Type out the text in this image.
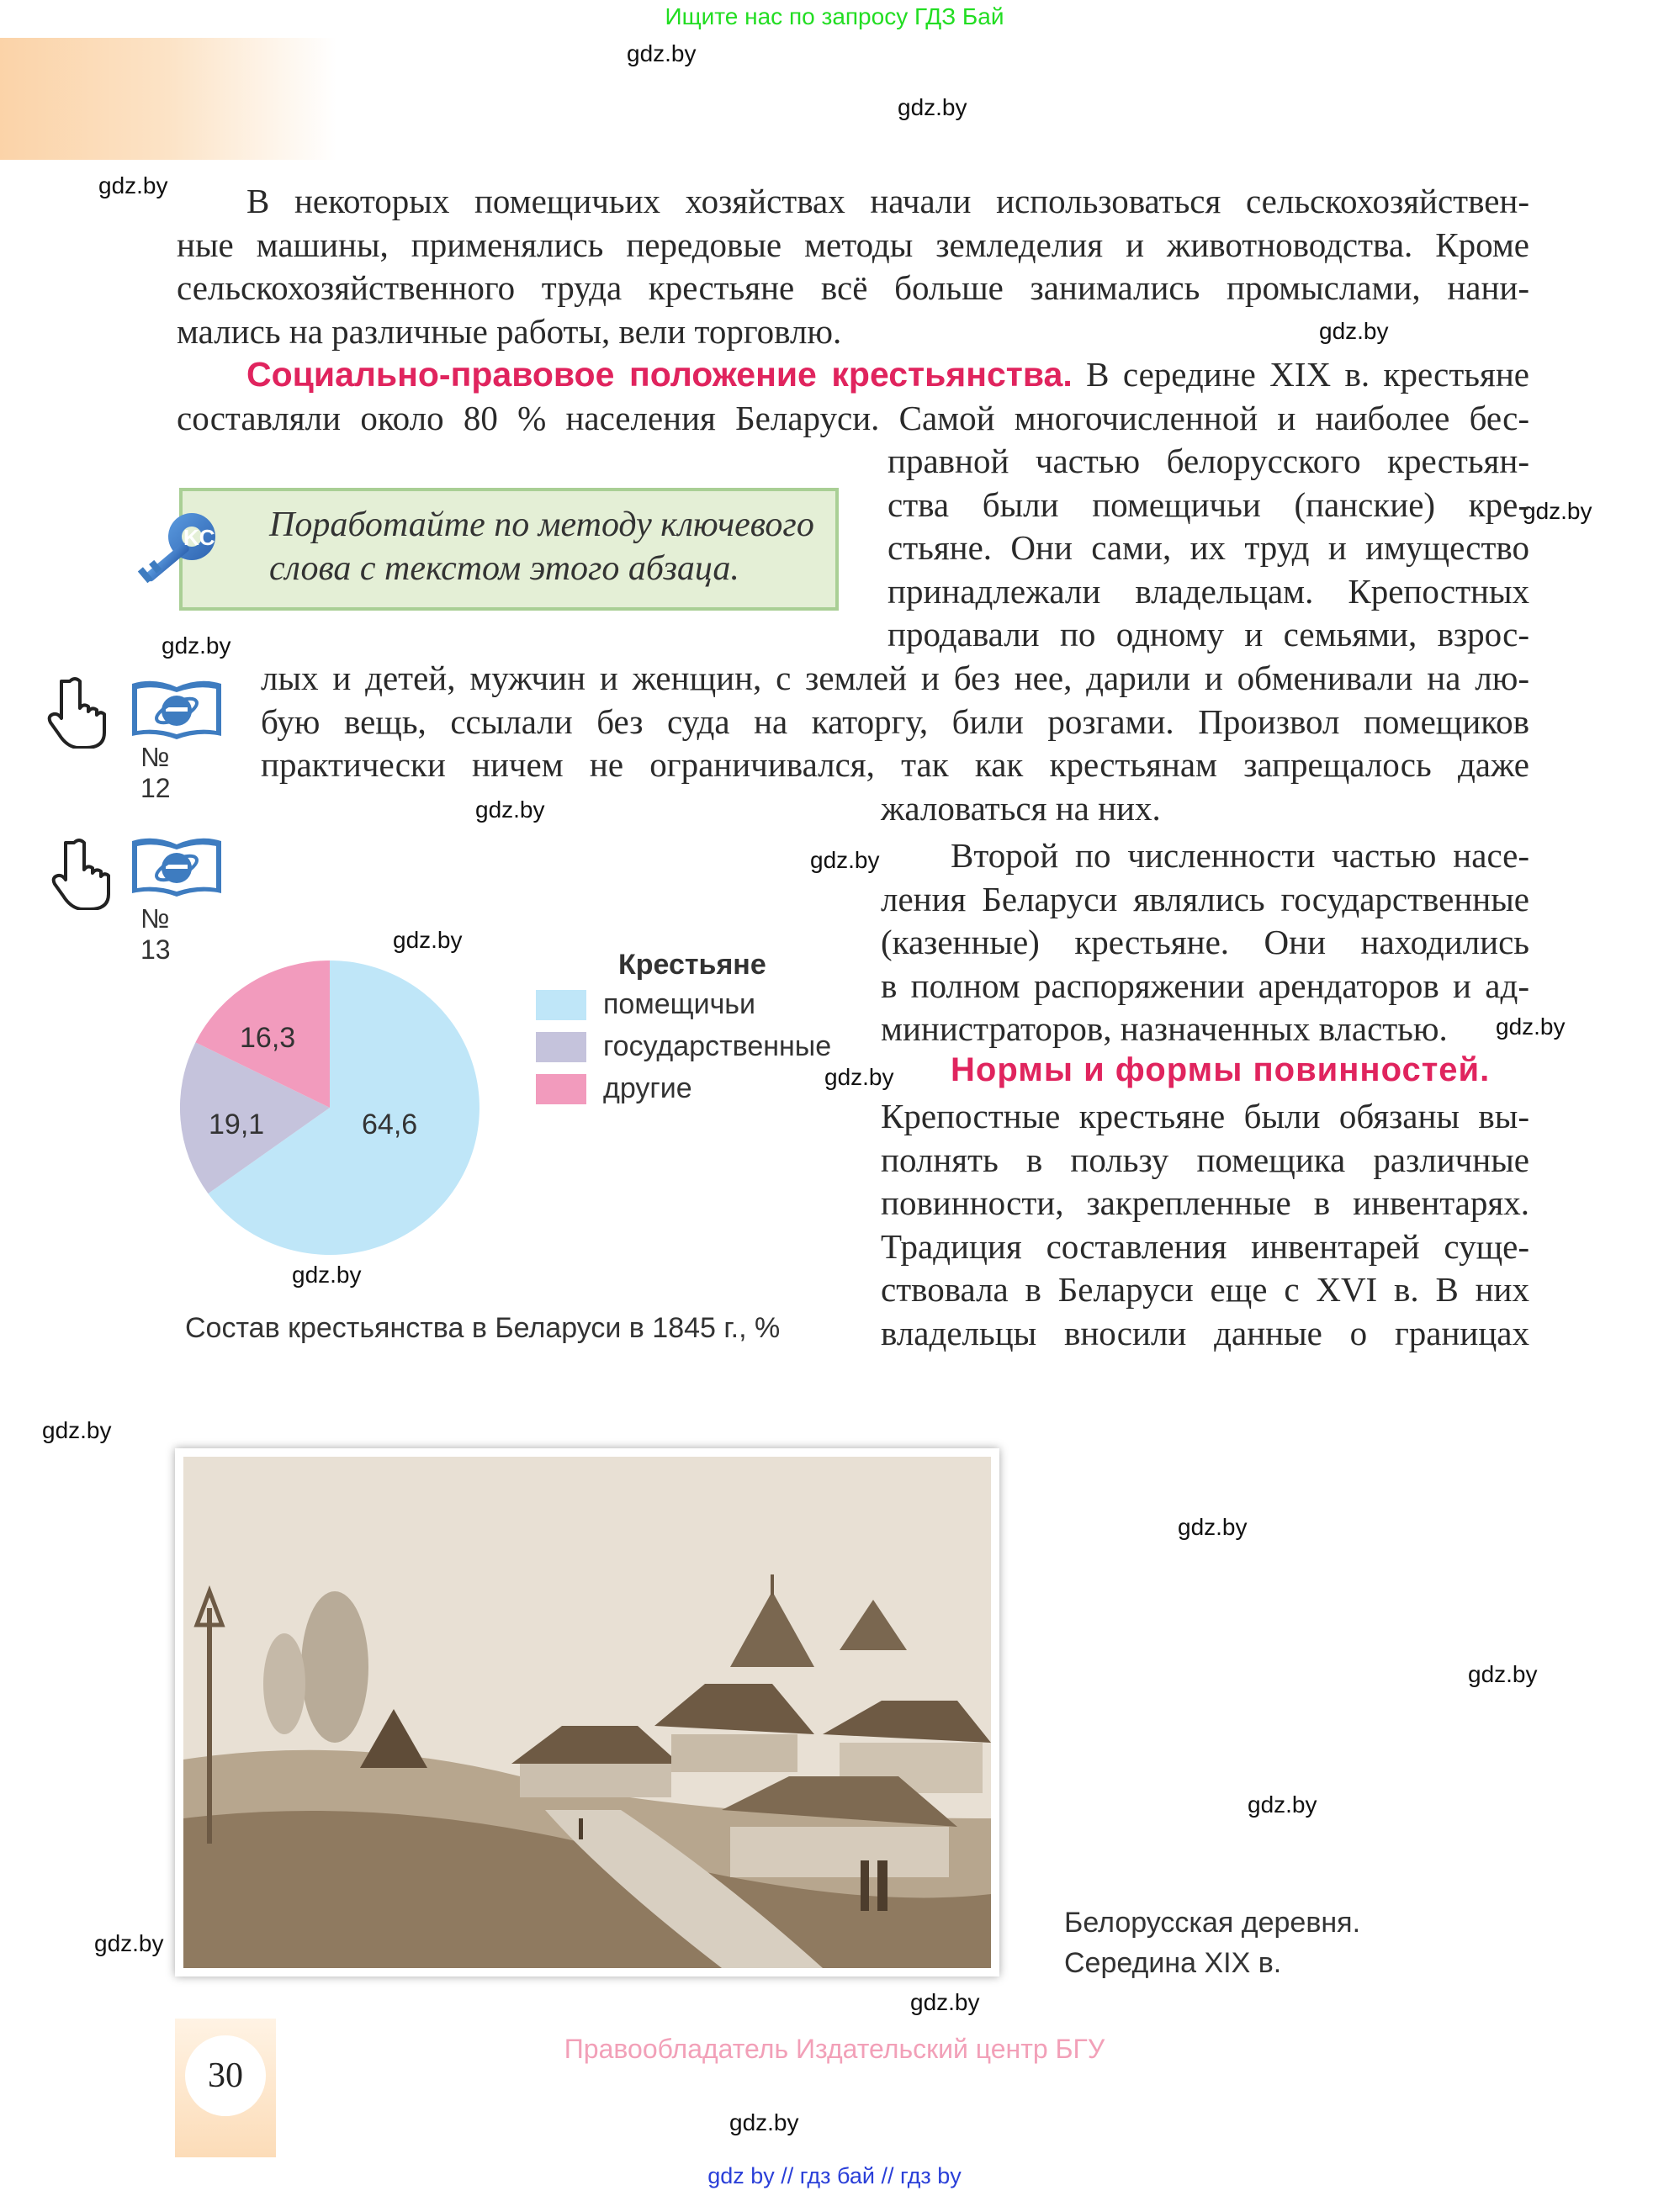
Ищите нас по запросу ГДЗ Бай
gdz.by
gdz.by
gdz.by
gdz.by
gdz.by
gdz.by
gdz.by
gdz.by
gdz.by
gdz.by
gdz.by
gdz.by
gdz.by
gdz.by
gdz.by
gdz.by
gdz.by
gdz.by
gdz.by
В некоторых помещичьих хозяйствах начали использоваться сельскохозяйствен-
ные машины, применялись передовые методы земледелия и животноводства. Кроме
сельскохозяйственного труда крестьяне всё больше занимались промыслами, нани-
мались на различные работы, вели торговлю.
Социально-правовое положение крестьянства. В середине XIX в. крестьяне
составляли около 80 % населения Беларуси. Самой многочисленной и наиболее бес-
правной частью белорусского крестьян-
ства были помещичьи (панские) кре-
стьяне. Они сами, их труд и имущество
принадлежали владельцам. Крепостных
продавали по одному и семьями, взрос-
лых и детей, мужчин и женщин, с землей и без нее, дарили и обменивали на лю-
бую вещь, ссылали без суда на каторгу, били розгами. Произвол помещиков
практически ничем не ограничивался, так как крестьянам запрещалось даже
жаловаться на них.
Поработайте по методу ключевого
слова с текстом этого абзаца.
KC
№ 12
№ 13
64,6
19,1
16,3
Крестьяне
помещичьи
государственные
другие
Состав крестьянства в Беларуси в 1845 г., %
Второй по численности частью насе-
ления Беларуси являлись государственные
(казенные) крестьяне. Они находились
в полном распоряжении арендаторов и ад-
министраторов, назначенных властью.
Нормы и формы повинностей.
Крепостные крестьяне были обязаны вы-
полнять в пользу помещика различные
повинности, закрепленные в инвентарях.
Традиция составления инвентарей суще-
ствовала в Беларуси еще с XVI в. В них
владельцы вносили данные о границах
Белорусская деревня.
Середина XIX в.
30
Правообладатель Издательский центр БГУ
gdz by // гдз бай // гдз by
